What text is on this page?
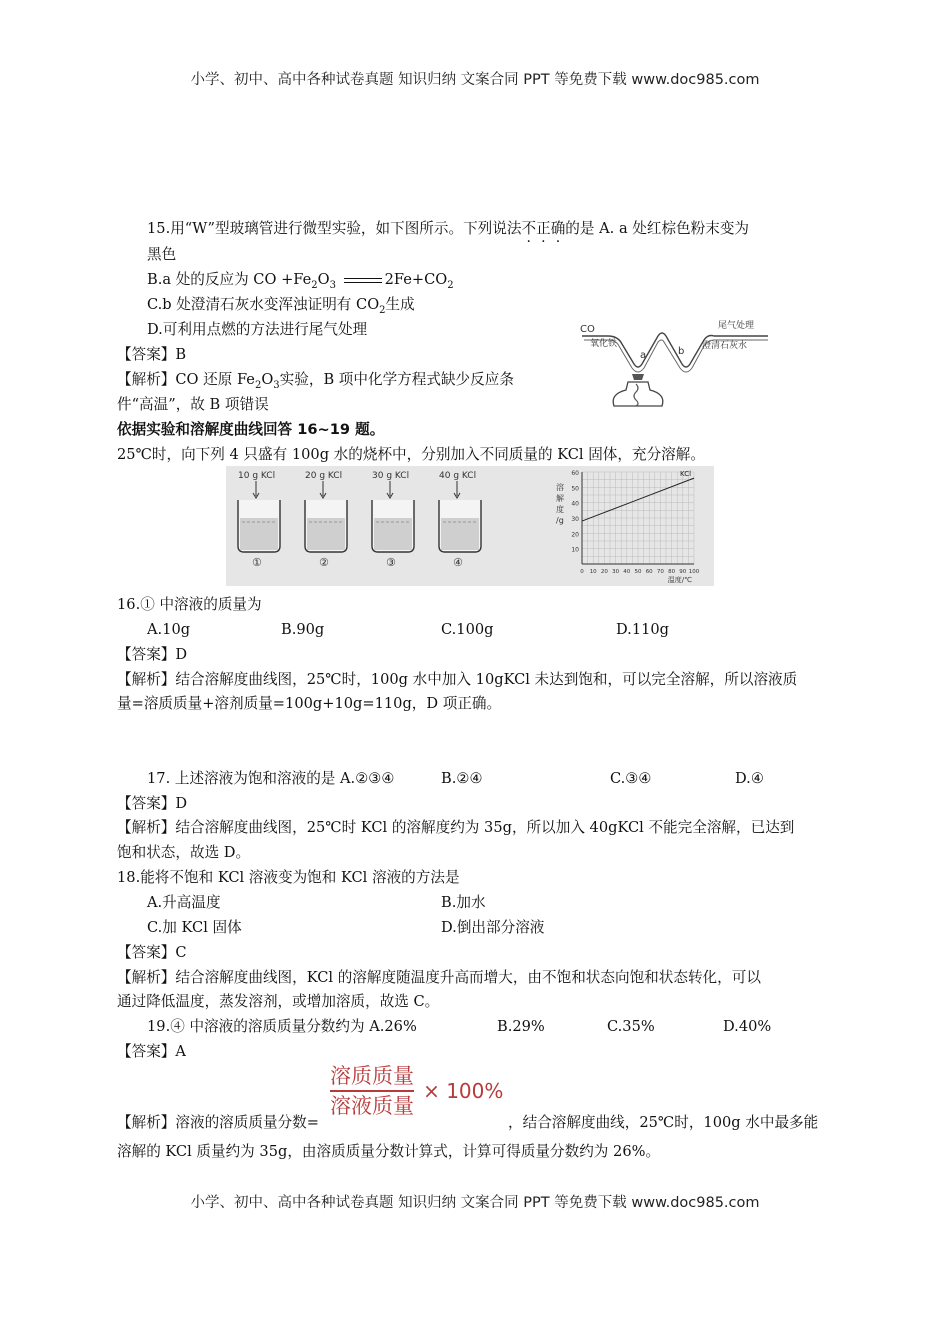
小学、初中、高中各种试卷真题 知识归纳 文案合同 PPT 等免费下载 www.doc985.com
15.用“W”型玻璃管进行微型实验，如下图所示。下列说法不正确的是 A. a 处红棕色粉末变为
黑色
B.a 处的反应为 CO $+Fe_2O_3$	$2Fe+CO_2$
C.b 处澄清石灰水变浑浊证明有 $CO_2$生成
D.可利用点燃的方法进行尾气处理
【答案】B
【解析】CO 还原 $Fe_2O_3$实验，B 项中化学方程式缺少反应条
件“高温”，故 B 项错误
CO
a	b
氧化铁
尾气处理
澄清石灰水
依据实验和溶解度曲线回答 16~19 题。
25℃时，向下列 4 只盛有 100g 水的烧杯中，分别加入不同质量的 KCl 固体，充分溶解。
10 g KCl
①
20 g KCl
②
30 g KCl
③
40 g KCl
④
10
20
30
40
50
60
0 10 20 30 40 50 60 70 80 90 100
温度/℃
溶
解
度
/g
KCl
16.① 中溶液的质量为
A.10g	B.90g	C.100g	D.110g
【答案】D
【解析】结合溶解度曲线图，25℃时，100g 水中加入 10gKCl 未达到饱和，可以完全溶解，所以溶液质
量=溶质质量+溶剂质量=100g+10g=110g，D 项正确。
17. 上述溶液为饱和溶液的是 A.②③④	B.②④	C.③④	D.④
【答案】D
【解析】结合溶解度曲线图，25℃时 KCl 的溶解度约为 35g，所以加入 40gKCl 不能完全溶解，已达到
饱和状态，故选 D。
18.能将不饱和 KCl 溶液变为饱和 KCl 溶液的方法是
A.升高温度	B.加水
C.加 KCl 固体	D.倒出部分溶液
【答案】C
【解析】结合溶解度曲线图，KCl 的溶解度随温度升高而增大，由不饱和状态向饱和状态转化，可以
通过降低温度，蒸发溶剂，或增加溶质，故选 C。
19.④ 中溶液的溶质质量分数约为 A.26%	B.29%	C.35%	D.40%
【答案】A
溶质质量
溶液质量
× 100%
【解析】溶液的溶质质量分数=	，结合溶解度曲线，25℃时，100g 水中最多能
溶解的 KCl 质量约为 35g，由溶质质量分数计算式，计算可得质量分数约为 26%。
小学、初中、高中各种试卷真题 知识归纳 文案合同 PPT 等免费下载 www.doc985.com
